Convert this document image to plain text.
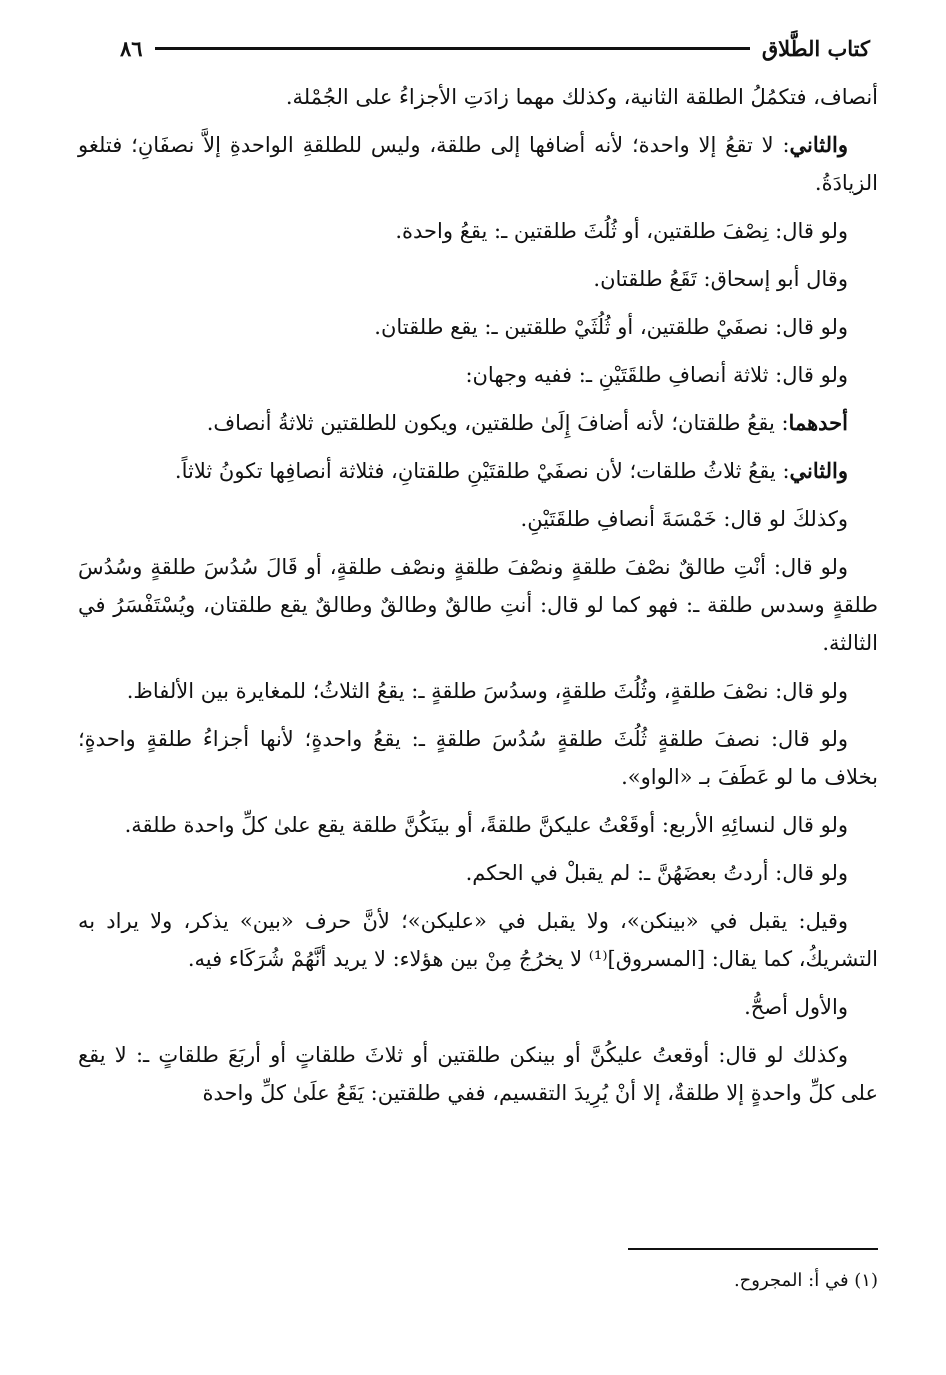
كتاب الطَّلاق
٨٦

أنصاف، فتكمُلُ الطلقة الثانية، وكذلك مهما زادَتِ الأجزاءُ على الجُمْلة.

والثاني: لا تقعُ إلا واحدة؛ لأنه أضافها إلى طلقة، وليس للطلقةِ الواحدةِ إلاَّ نصفَانِ؛ فتلغو الزيادَةُ.

ولو قال: نِصْفَ طلقتين، أو ثُلُثَ طلقتين ـ: يقعُ واحدة.

وقال أبو إسحاق: تَقَعُ طلقتان.

ولو قال: نصفَيْ طلقتين، أو ثُلُثَيْ طلقتين ـ: يقع طلقتان.

ولو قال: ثلاثة أنصافِ طلقَتَيْنِ ـ: ففيه وجهان:

أحدهما: يقعُ طلقتان؛ لأنه أضافَ إِلَىٰ طلقتين، ويكون للطلقتين ثلاثةُ أنصاف.

والثاني: يقعُ ثلاثُ طلقات؛ لأن نصفَيْ طلقتَيْنِ طلقتانِ، فثلاثة أنصافِها تكونُ ثلاثاً.

وكذلكَ لو قال: خَمْسَةَ أنصافِ طلقَتَيْنِ.

ولو قال: أنْتِ طالقٌ نصْفَ طلقةٍ ونصْفَ طلقةٍ ونصْف طلقةٍ، أو قَالَ سُدُسَ طلقةٍ وسُدُسَ طلقةٍ وسدس طلقة ـ: فهو كما لو قال: أنتِ طالقٌ وطالقٌ وطالقٌ يقع طلقتان، ويُسْتَفْسَرُ في الثالثة.

ولو قال: نصْفَ طلقةٍ، وثُلُثَ طلقةٍ، وسدُسَ طلقةٍ ـ: يقعُ الثلاثُ؛ للمغايرة بين الألفاظ.

ولو قال: نصفَ طلقةٍ ثُلُثَ طلقةٍ سُدُسَ طلقةٍ ـ: يقعُ واحدةٍ؛ لأنها أجزاءُ طلقةٍ واحدةٍ؛ بخلاف ما لو عَطَفَ بـ «الواو».

ولو قال لنسائِهِ الأربع: أوقَعْتُ عليكنَّ طلقةً، أو بينَكُنَّ طلقة يقع علىٰ كلِّ واحدة طلقة.

ولو قال: أردتُ بعضَهُنَّ ـ: لم يقبلْ في الحكم.

وقيل: يقبل في «بينكن»، ولا يقبل في «عليكن»؛ لأنَّ حرف «بين» يذكر، ولا يراد به التشريكُ، كما يقال: [المسروق]⁽¹⁾ لا يخرُجُ مِنْ بين هؤلاء: لا يريد أنَّهُمْ شُرَكَاء فيه.

والأول أصحُّ.

وكذلك لو قال: أوقعتُ عليكُنَّ أو بينكن طلقتين أو ثلاثَ طلقاتٍ أو أربَعَ طلقاتٍ ـ: لا يقع على كلِّ واحدةٍ إلا طلقةٌ، إلا أنْ يُرِيدَ التقسيم، ففي طلقتين: يَقَعُ علَىٰ كلِّ واحدة

(١) في أ: المجروح.
